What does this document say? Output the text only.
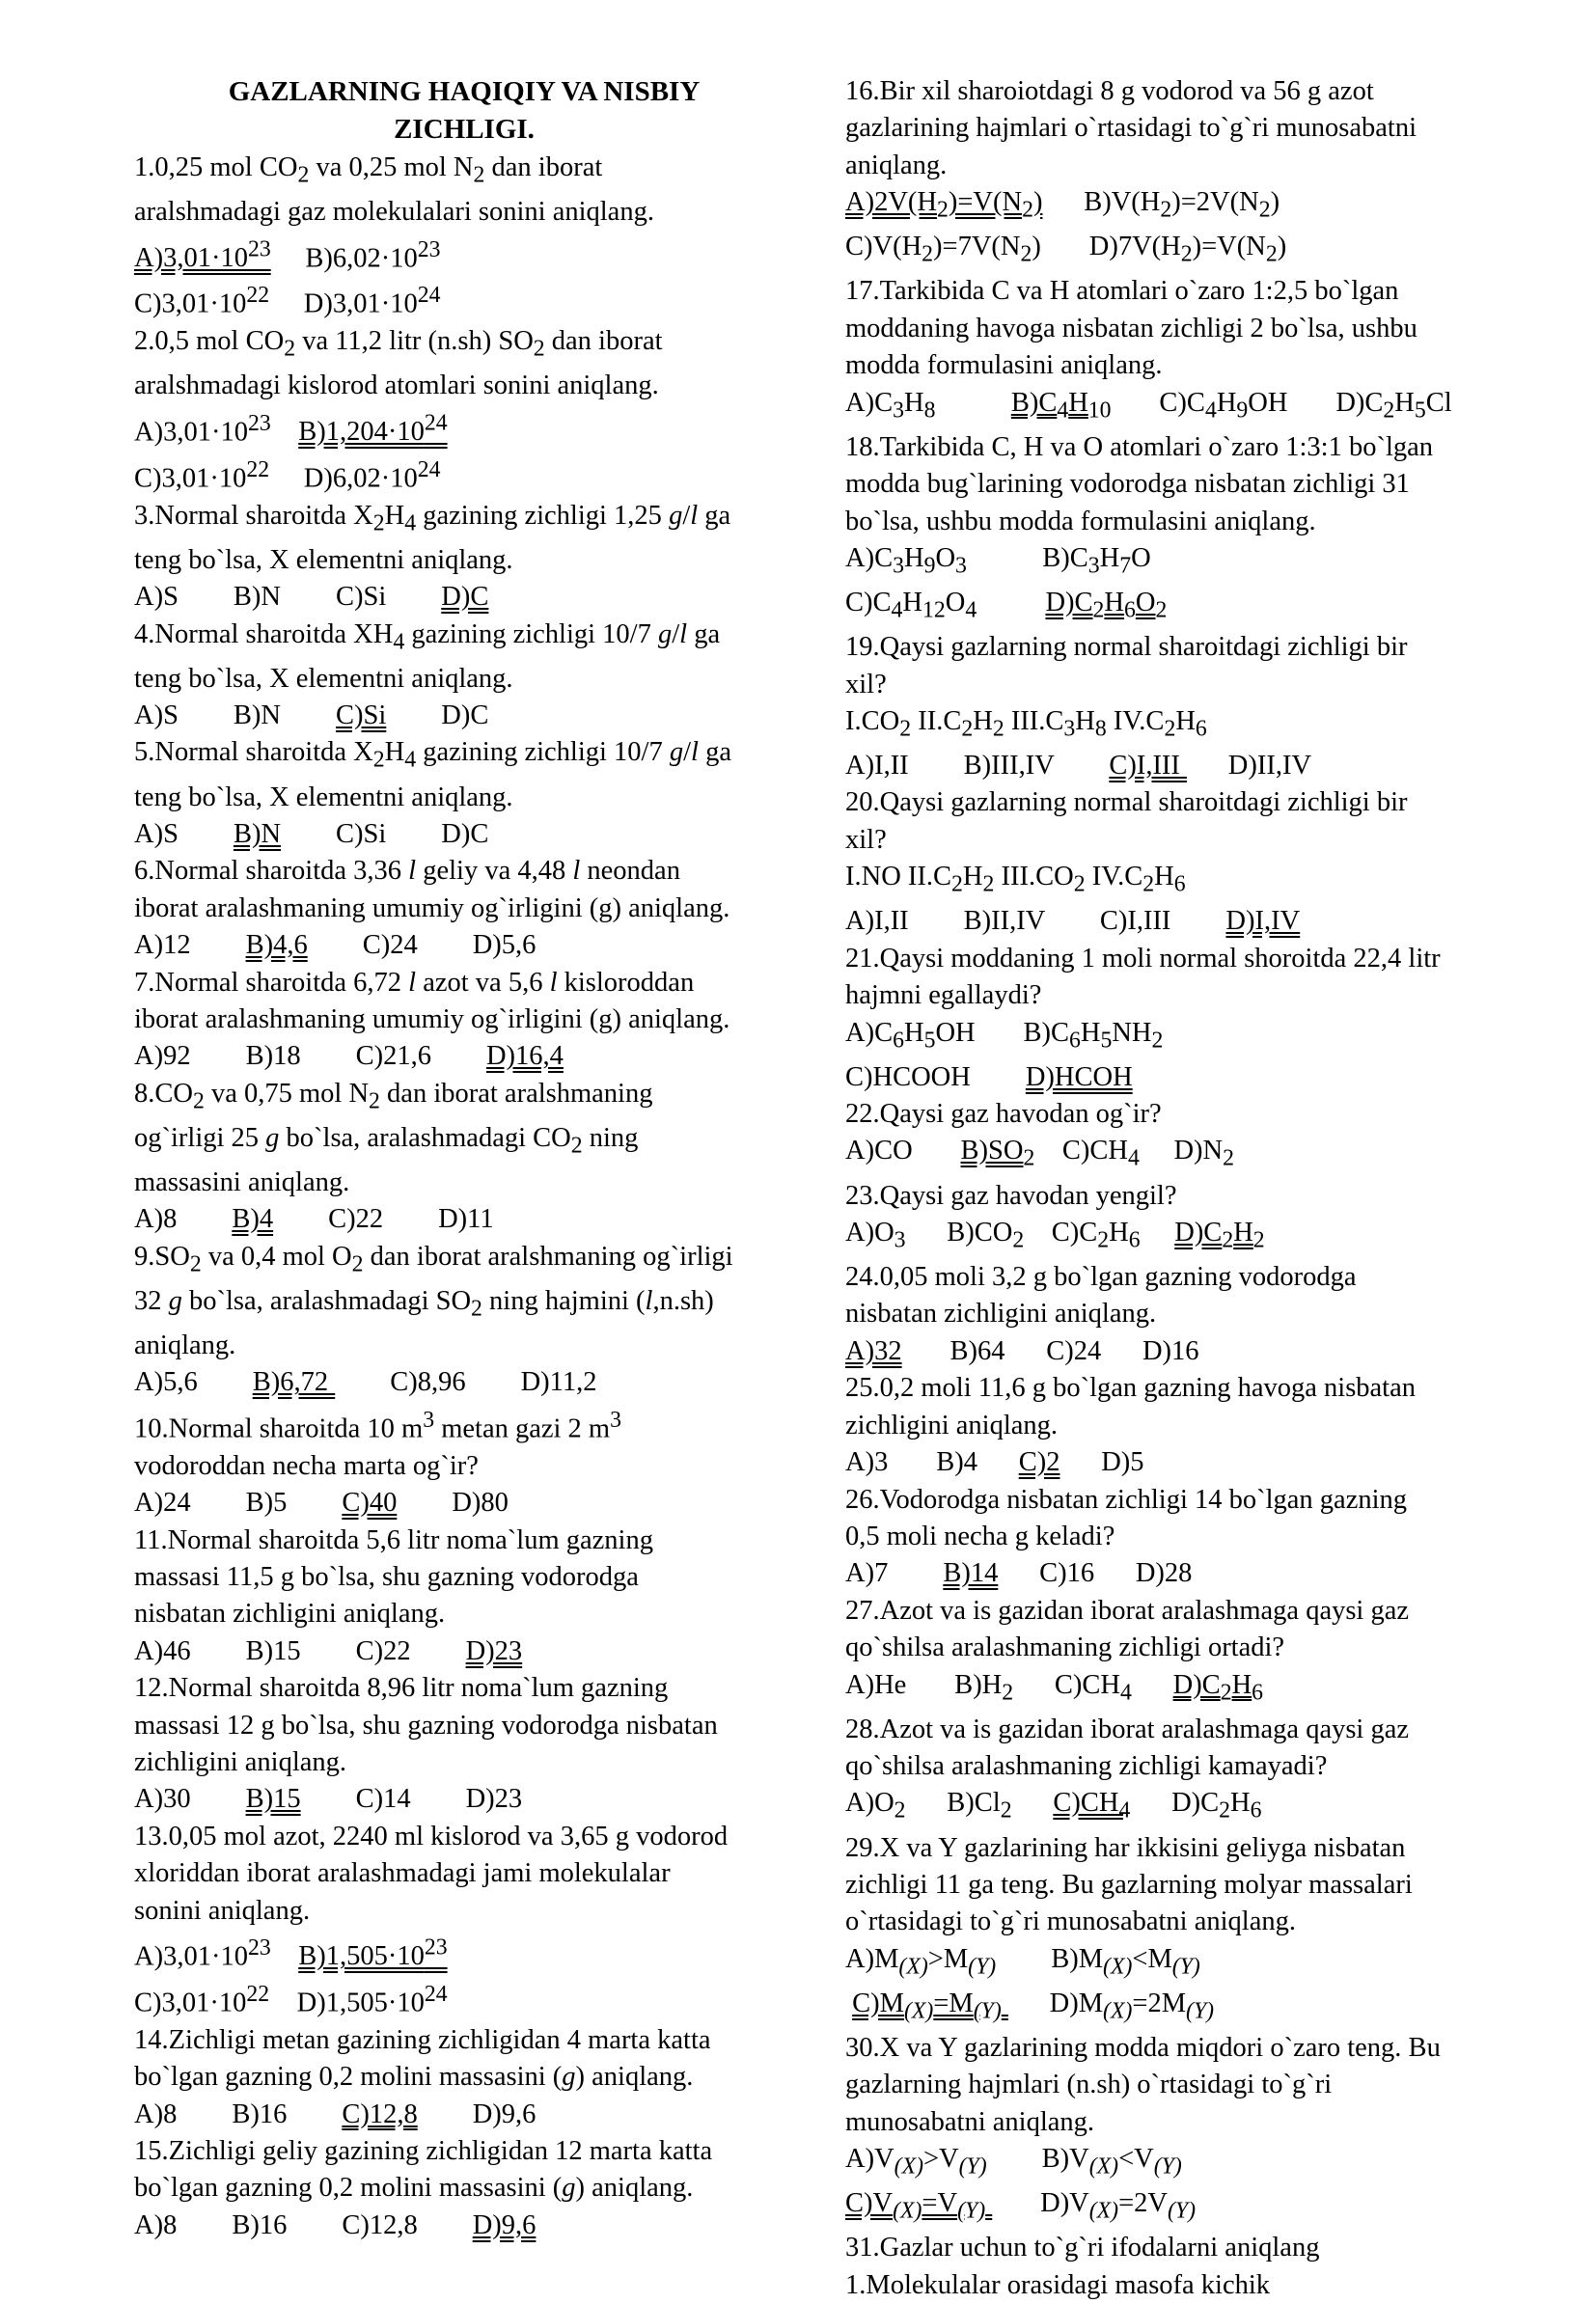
GAZLARNING HAQIQIY VA NISBIY
ZICHLIGI.
1.0,25 mol $CO_2$ va 0,25 mol $N_2$ dan iborat
aralshmadagi gaz molekulalari sonini aniqlang.
$A)3,01\cdot 10^{23}$     $B)6,02\cdot 10^{23}$
$C)3,01\cdot 10^{22}$     $D)3,01\cdot 10^{24}$
2.0,5 mol $CO_2$ va 11,2 litr (n.sh) $SO_2$ dan iborat
aralshmadagi kislorod atomlari sonini aniqlang.
$A)3,01\cdot 10^{23}$ $B)1,204\cdot 10^{24}$
$C)3,01\cdot 10^{22}$     $D)6,02\cdot 10^{24}$
3.Normal sharoitda $X_2H_4$ gazining zichligi 1,25 g/l ga
teng bo`lsa, X elementni aniqlang.
A)S        B)N        C)Si        D)C
4.Normal sharoitda $XH_4$ gazining zichligi 10/7 g/l ga
teng bo`lsa, X elementni aniqlang.
A)S        B)N        C)Si        D)C
5.Normal sharoitda $X_2H_4$ gazining zichligi 10/7 g/l ga
teng bo`lsa, X elementni aniqlang.
A)S        B)N        C)Si        D)C
6.Normal sharoitda 3,36 l geliy va 4,48 l neondan
iborat aralashmaning umumiy og`irligini (g) aniqlang.
A)12        B)4,6        C)24        D)5,6
7.Normal sharoitda 6,72 l azot va 5,6 l kisloroddan
iborat aralashmaning umumiy og`irligini (g) aniqlang.
A)92        B)18        C)21,6        D)16,4
$8.CO_2$ va 0,75 mol $N_2$ dan iborat aralshmaning
og`irligi 25 g bo`lsa, aralashmadagi $CO_2$ ning
massasini aniqlang.
A)8        B)4        C)22        D)11
$9.SO_2$ va 0,4 mol $O_2$ dan iborat aralshmaning og`irligi
32 g bo`lsa, aralashmadagi $SO_2$ ning hajmini (l,n.sh)
aniqlang.
A)5,6        B)6,72         C)8,96        D)11,2
10.Normal sharoitda 10 $m^3$ metan gazi 2 $m^3$
vodoroddan necha marta og`ir?
A)24        B)5        C)40        D)80
11.Normal sharoitda 5,6 litr noma`lum gazning
massasi 11,5 g bo`lsa, shu gazning vodorodga
nisbatan zichligini aniqlang.
A)46        B)15        C)22        D)23
12.Normal sharoitda 8,96 litr noma`lum gazning
massasi 12 g bo`lsa, shu gazning vodorodga nisbatan
zichligini aniqlang.
A)30        B)15        C)14        D)23
13.0,05 mol azot, 2240 ml kislorod va 3,65 g vodorod
xloriddan iborat aralashmadagi jami molekulalar
sonini aniqlang.
$A)3,01\cdot 10^{23}$ $B)1,505\cdot 10^{23}$
$C)3,01\cdot 10^{22}$    $D)1,505\cdot 10^{24}$
14.Zichligi metan gazining zichligidan 4 marta katta
bo`lgan gazning 0,2 molini massasini (g) aniqlang.
A)8        B)16        C)12,8        D)9,6
15.Zichligi geliy gazining zichligidan 12 marta katta
bo`lgan gazning 0,2 molini massasini (g) aniqlang.
A)8        B)16        C)12,8        D)9,6
16.Bir xil sharoiotdagi 8 g vodorod va 56 g azot
gazlarining hajmlari o`rtasidagi to`g`ri munosabatni
aniqlang.
$A)2V(H_2)=V(N_2)$      $B)V(H_2)=2V(N_2)$
$C)V(H_2)=7V(N_2)$       $D)7V(H_2)=V(N_2)$
17.Tarkibida C va H atomlari o`zaro 1:2,5 bo`lgan
moddaning havoga nisbatan zichligi 2 bo`lsa, ushbu
modda formulasini aniqlang.
$A)C_3H_8$	$B)C_4H_{10}$       $C)C_4H_9OH$       $D)C_2H_5Cl$
18.Tarkibida C, H va O atomlari o`zaro 1:3:1 bo`lgan
modda bug`larining vodorodga nisbatan zichligi 31
bo`lsa, ushbu modda formulasini aniqlang.
$A)C_3H_9O_3$           $B)C_3H_7O$
$C)C_4H_{12}O_4$	$D)C_2H_6O_2$
19.Qaysi gazlarning normal sharoitdagi zichligi bir
xil?
$I.CO_2$ $II.C_2H_2$ $III.C_3H_8$ $IV.C_2H_6$
A)I,II        B)III,IV        C)I,III       D)II,IV
20.Qaysi gazlarning normal sharoitdagi zichligi bir
xil?
I.NO $II.C_2H_2$ $III.CO_2$ $IV.C_2H_6$
A)I,II        B)II,IV        C)I,III        D)I,IV
21.Qaysi moddaning 1 moli normal shoroitda 22,4 litr
hajmni egallaydi?
$A)C_6H_5OH$       $B)C_6H_5NH_2$
C)HCOOH        D)HCOH
22.Qaysi gaz havodan og`ir?
A)CO       $B)SO_2$    $C)CH_4$     $D)N_2$
23.Qaysi gaz havodan yengil?
$A)O_3$      $B)CO_2$    $C)C_2H_6$ $D)C_2H_2$
24.0,05 moli 3,2 g bo`lgan gazning vodorodga
nisbatan zichligini aniqlang.
A)32       B)64      C)24      D)16
25.0,2 moli 11,6 g bo`lgan gazning havoga nisbatan
zichligini aniqlang.
A)3       B)4      C)2      D)5
26.Vodorodga nisbatan zichligi 14 bo`lgan gazning
0,5 moli necha g keladi?
A)7        B)14      C)16      D)28
27.Azot va is gazidan iborat aralashmaga qaysi gaz
qo`shilsa aralashmaning zichligi ortadi?
A)He       $B)H_2$      $C)CH_4$ $D)C_2H_6$
28.Azot va is gazidan iborat aralashmaga qaysi gaz
qo`shilsa aralashmaning zichligi kamayadi?
$A)O_2$      $B)Cl_2$ $C)CH_4$      $D)C_2H_6$
29.X va Y gazlarining har ikkisini geliyga nisbatan
zichligi 11 ga teng. Bu gazlarning molyar massalari
o`rtasidagi to`g`ri munosabatni aniqlang.
$A)M_{(X)}>M_{(Y)}$        $B)M_{(X)}<M_{(Y)}$
$C)M_{(X)}=M_{(Y)}$       $D)M_{(X)}=2M_{(Y)}$
30.X va Y gazlarining modda miqdori o`zaro teng. Bu
gazlarning hajmlari (n.sh) o`rtasidagi to`g`ri
munosabatni aniqlang.
$A)V_{(X)}>V_{(Y)}$        $B)V_{(X)}<V_{(Y)}$
$C)V_{(X)}=V_{(Y)}$        $D)V_{(X)}=2V_{(Y)}$
31.Gazlar uchun to`g`ri ifodalarni aniqlang
1.Molekulalar orasidagi masofa kichik
